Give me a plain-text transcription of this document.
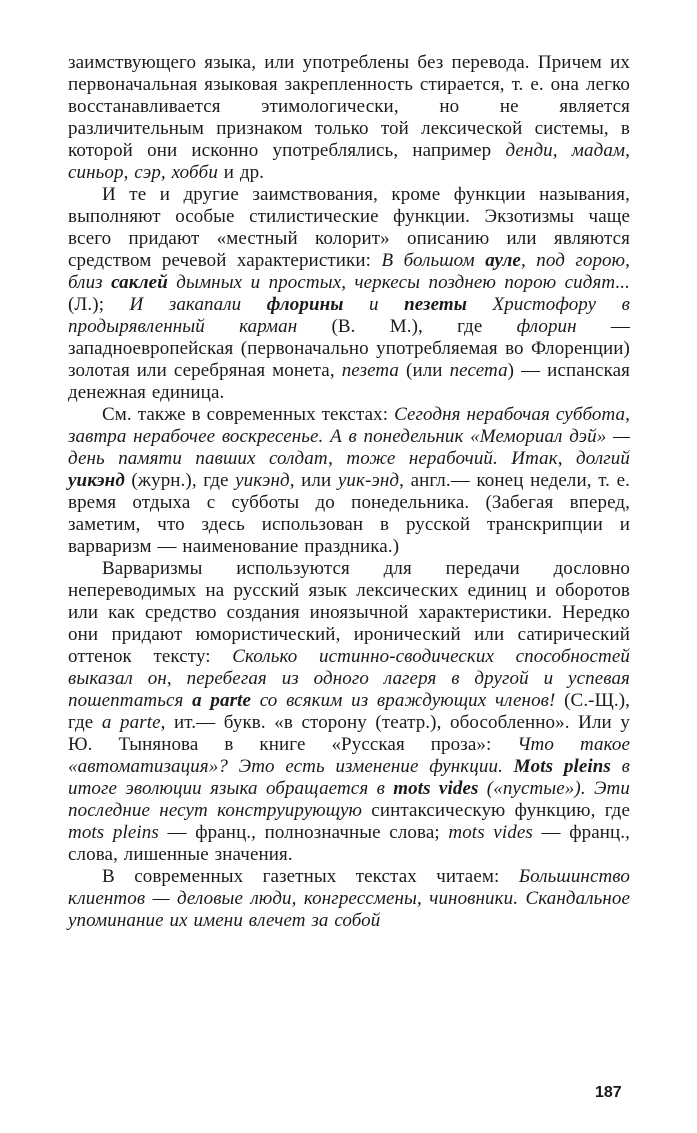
заимствующего языка, или употреблены без перевода. Причем их первоначальная языковая закрепленность стирается, т. е. она легко восстанавливается этимологически, но не является различительным признаком только той лексической системы, в которой они исконно употреблялись, например денди, мадам, синьор, сэр, хобби и др.

И те и другие заимствования, кроме функции называния, выполняют особые стилистические функции. Экзотизмы чаще всего придают «местный колорит» описанию или являются средством речевой характеристики: В большом ауле, под горою, близ саклей дымных и простых, черкесы позднею порою сидят... (Л.); И закапали флорины и пезеты Христофору в продырявленный карман (В. М.), где флорин — западноевропейская (первоначально употребляемая во Флоренции) золотая или серебряная монета, пезета (или песета) — испанская денежная единица.

См. также в современных текстах: Сегодня нерабочая суббота, завтра нерабочее воскресенье. А в понедельник «Мемориал дэй» — день памяти павших солдат, тоже нерабочий. Итак, долгий уикэнд (журн.), где уикэнд, или уик-энд, англ.— конец недели, т. е. время отдыха с субботы до понедельника. (Забегая вперед, заметим, что здесь использован в русской транскрипции и варваризм — наименование праздника.)

Варваризмы используются для передачи дословно непереводимых на русский язык лексических единиц и оборотов или как средство создания иноязычной характеристики. Нередко они придают юмористический, иронический или сатирический оттенок тексту: Сколько истинно-сводических способностей выказал он, перебегая из одного лагеря в другой и успевая пошептаться a parte со всяким из враждующих членов! (С.-Щ.), где a parte, ит.— букв. «в сторону (театр.), обособленно». Или у Ю. Тынянова в книге «Русская проза»: Что такое «автоматизация»? Это есть изменение функции. Mots pleins в итоге эволюции языка обращается в mots vides («пустые»). Эти последние несут конструирующую синтаксическую функцию, где mots pleins — франц., полнозначные слова; mots vides — франц., слова, лишенные значения.

В современных газетных текстах читаем: Большинство клиентов — деловые люди, конгрессмены, чиновники. Скандальное упоминание их имени влечет за собой

187
